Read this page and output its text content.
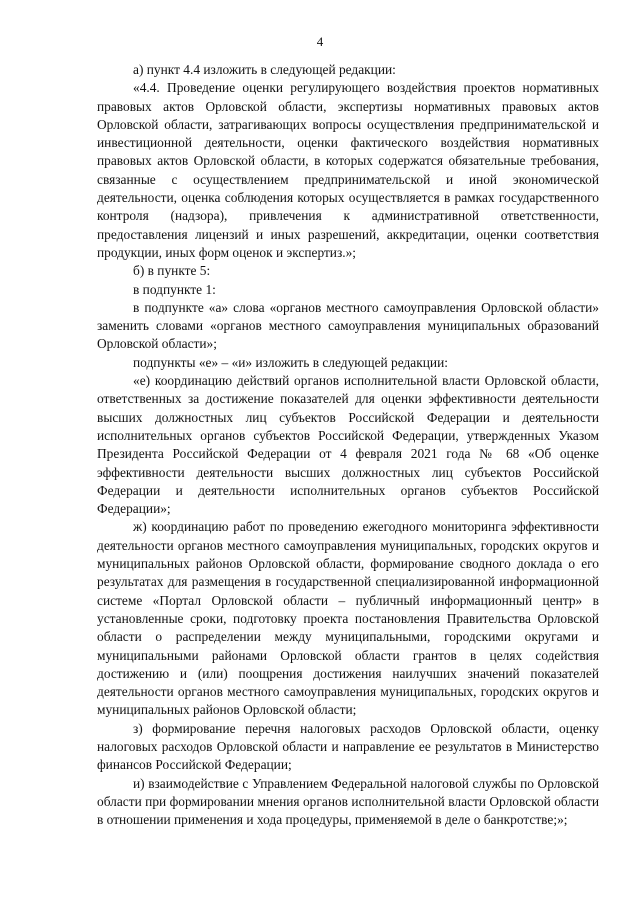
4

а) пункт 4.4 изложить в следующей редакции:

«4.4. Проведение оценки регулирующего воздействия проектов нормативных правовых актов Орловской области, экспертизы нормативных правовых актов Орловской области, затрагивающих вопросы осуществления предпринимательской и инвестиционной деятельности, оценки фактического воздействия нормативных правовых актов Орловской области, в которых содержатся обязательные требования, связанные с осуществлением предпринимательской и иной экономической деятельности, оценка соблюдения которых осуществляется в рамках государственного контроля (надзора), привлечения к административной ответственности, предоставления лицензий и иных разрешений, аккредитации, оценки соответствия продукции, иных форм оценок и экспертиз.»;

б) в пункте 5:

в подпункте 1:

в подпункте «а» слова «органов местного самоуправления Орловской области» заменить словами «органов местного самоуправления муниципальных образований Орловской области»;

подпункты «е» – «и» изложить в следующей редакции:

«е) координацию действий органов исполнительной власти Орловской области, ответственных за достижение показателей для оценки эффективности деятельности высших должностных лиц субъектов Российской Федерации и деятельности исполнительных органов субъектов Российской Федерации, утвержденных Указом Президента Российской Федерации от 4 февраля 2021 года № 68 «Об оценке эффективности деятельности высших должностных лиц субъектов Российской Федерации и деятельности исполнительных органов субъектов Российской Федерации»;

ж) координацию работ по проведению ежегодного мониторинга эффективности деятельности органов местного самоуправления муниципальных, городских округов и муниципальных районов Орловской области, формирование сводного доклада о его результатах для размещения в государственной специализированной информационной системе «Портал Орловской области – публичный информационный центр» в установленные сроки, подготовку проекта постановления Правительства Орловской области о распределении между муниципальными, городскими округами и муниципальными районами Орловской области грантов в целях содействия достижению и (или) поощрения достижения наилучших значений показателей деятельности органов местного самоуправления муниципальных, городских округов и муниципальных районов Орловской области;

з) формирование перечня налоговых расходов Орловской области, оценку налоговых расходов Орловской области и направление ее результатов в Министерство финансов Российской Федерации;

и) взаимодействие с Управлением Федеральной налоговой службы по Орловской области при формировании мнения органов исполнительной власти Орловской области в отношении применения и хода процедуры, применяемой в деле о банкротстве;»;
